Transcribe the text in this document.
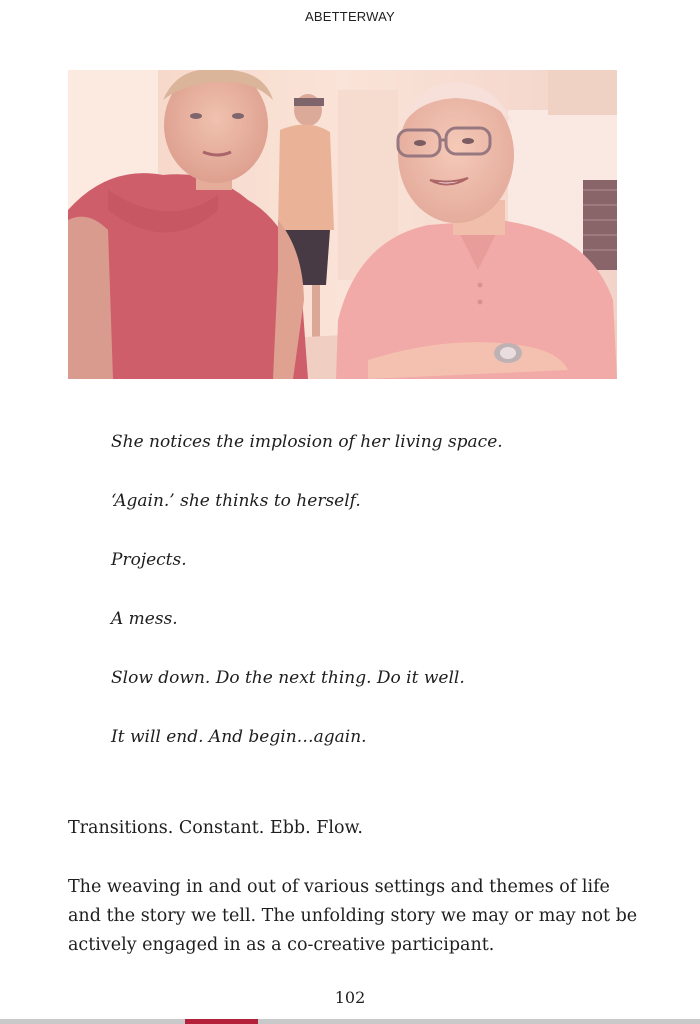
ABETTERWAY

She notices the implosion of her living space.

‘Again.’ she thinks to herself.

Projects.

A mess.

Slow down. Do the next thing. Do it well.

It will end. And begin…again.

Transitions. Constant. Ebb. Flow.

The weaving in and out of various settings and themes of life and the story we tell. The unfolding story we may or may not be actively engaged in as a co-creative participant.

102
